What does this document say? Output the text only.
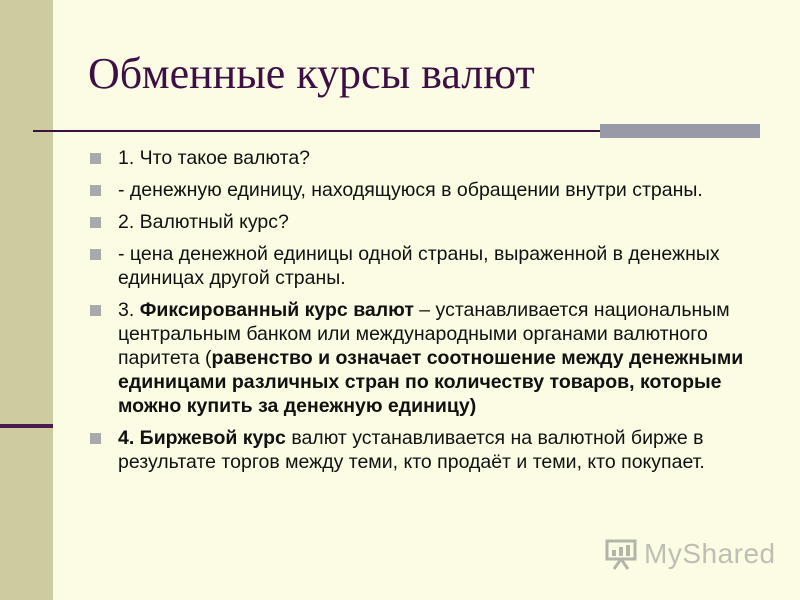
Обменные курсы валют
1. Что такое валюта?
- денежную единицу, находящуюся в обращении внутри страны.
2. Валютный курс?
- цена денежной единицы одной страны, выраженной в денежных единицах другой страны.
3. Фиксированный курс валют – устанавливается национальным центральным банком или международными органами валютного паритета (равенство и означает соотношение между денежными единицами различных стран по количеству товаров, которые можно купить за денежную единицу)
4. Биржевой курс валют устанавливается на валютной бирже в результате торгов между теми, кто продаёт и теми, кто покупает.
MyShared
